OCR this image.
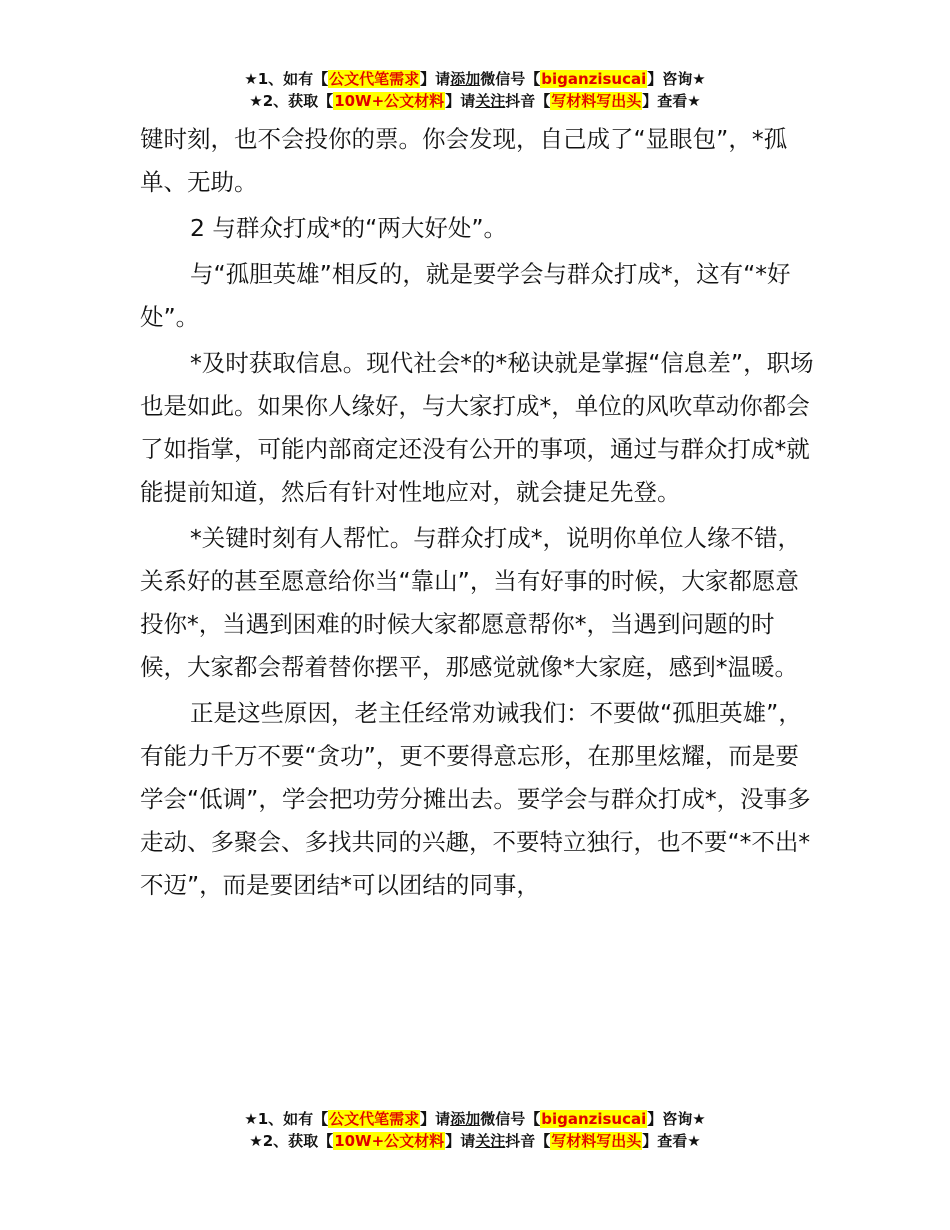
★1、如有【公文代笔需求】请添加微信号【biganzisucai】咨询★
★2、获取【10W+公文材料】请关注抖音【写材料写出头】查看★

键时刻，也不会投你的票。你会发现，自己成了“显眼包”，*孤单、无助。

2 与群众打成*的“两大好处”。

与“孤胆英雄”相反的，就是要学会与群众打成*，这有“*好处”。

*及时获取信息。现代社会*的*秘诀就是掌握“信息差”，职场也是如此。如果你人缘好，与大家打成*，单位的风吹草动你都会了如指掌，可能内部商定还没有公开的事项，通过与群众打成*就能提前知道，然后有针对性地应对，就会捷足先登。

*关键时刻有人帮忙。与群众打成*，说明你单位人缘不错，关系好的甚至愿意给你当“靠山”，当有好事的时候，大家都愿意投你*，当遇到困难的时候大家都愿意帮你*，当遇到问题的时候，大家都会帮着替你摆平，那感觉就像*大家庭，感到*温暖。

正是这些原因，老主任经常劝诫我们：不要做“孤胆英雄”，有能力千万不要“贪功”，更不要得意忘形，在那里炫耀，而是要学会“低调”，学会把功劳分摊出去。要学会与群众打成*，没事多走动、多聚会、多找共同的兴趣，不要特立独行，也不要“*不出*不迈”，而是要团结*可以团结的同事，

★1、如有【公文代笔需求】请添加微信号【biganzisucai】咨询★
★2、获取【10W+公文材料】请关注抖音【写材料写出头】查看★
